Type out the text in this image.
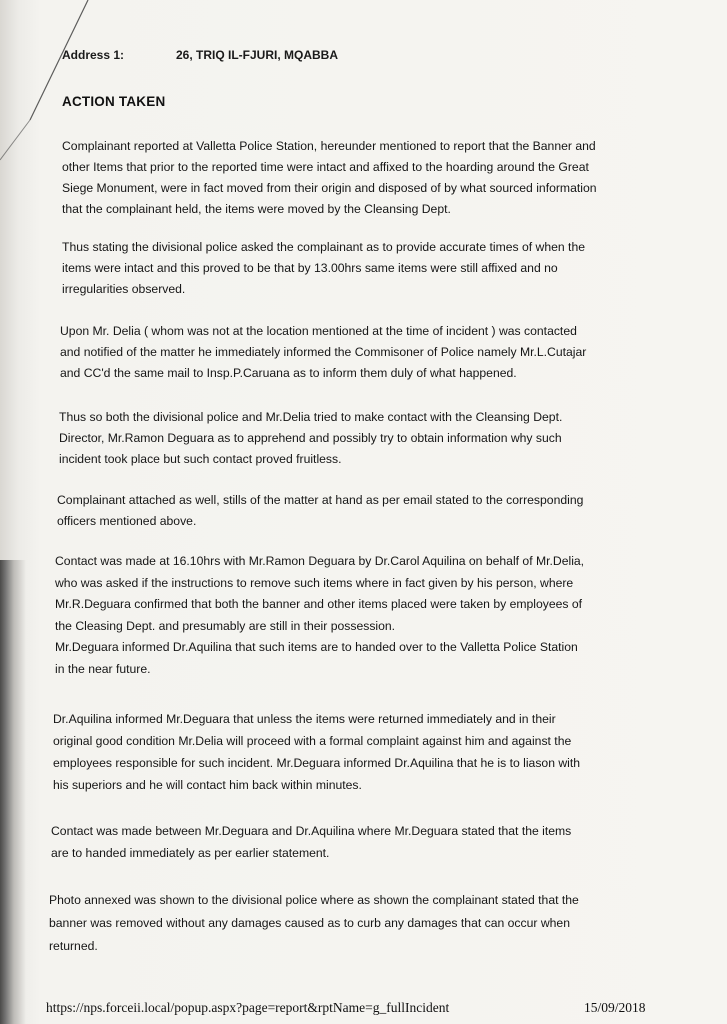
Address 1:	26, TRIQ IL-FJURI, MQABBA
ACTION TAKEN
Complainant reported at Valletta Police Station, hereunder mentioned to report that the Banner and
other Items that prior to the reported time were intact and affixed to the hoarding around the Great
Siege Monument, were in fact moved from their origin and disposed of by what sourced information
that the complainant held, the items were moved by the Cleansing Dept.
Thus stating the divisional police asked the complainant as to provide accurate times of when the
items were intact and this proved to be that by 13.00hrs same items were still affixed and no
irregularities observed.
Upon Mr. Delia ( whom was not at the location mentioned at the time of incident ) was contacted
and notified of the matter he immediately informed the Commisoner of Police namely Mr.L.Cutajar
and CC'd the same mail to Insp.P.Caruana as to inform them duly of what happened.
Thus so both the divisional police and Mr.Delia tried to make contact with the Cleansing Dept.
Director, Mr.Ramon Deguara as to apprehend and possibly try to obtain information why such
incident took place but such contact proved fruitless.
Complainant attached as well, stills of the matter at hand as per email stated to the corresponding
officers mentioned above.
Contact was made at 16.10hrs with Mr.Ramon Deguara by Dr.Carol Aquilina on behalf of Mr.Delia,
who was asked if the instructions to remove such items where in fact given by his person, where
Mr.R.Deguara confirmed that both the banner and other items placed were taken by employees of
the Cleasing Dept. and presumably are still in their possession.
Mr.Deguara informed Dr.Aquilina that such items are to handed over to the Valletta Police Station
in the near future.
Dr.Aquilina informed Mr.Deguara that unless the items were returned immediately and in their
original good condition Mr.Delia will proceed with a formal complaint against him and against the
employees responsible for such incident. Mr.Deguara informed Dr.Aquilina that he is to liason with
his superiors and he will contact him back within minutes.
Contact was made between Mr.Deguara and Dr.Aquilina where Mr.Deguara stated that the items
are to handed immediately as per earlier statement.
Photo annexed was shown to the divisional police where as shown the complainant stated that the
banner was removed without any damages caused as to curb any damages that can occur when
returned.
https://nps.forceii.local/popup.aspx?page=report&rptName=g_fullIncident	15/09/2018
